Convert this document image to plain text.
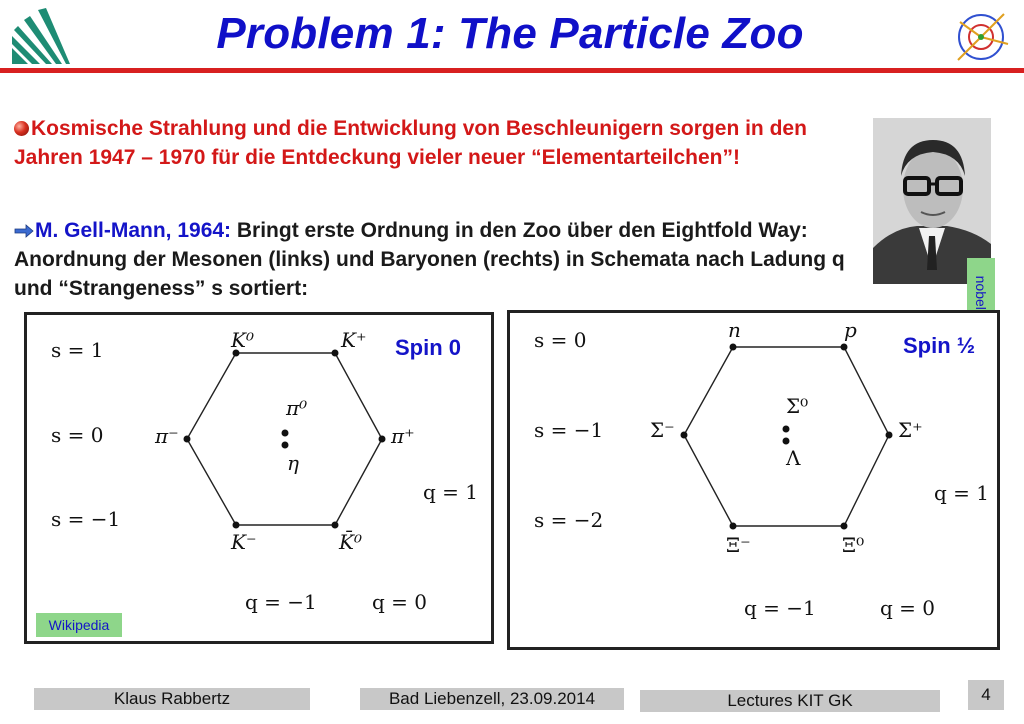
Problem 1: The Particle Zoo
Kosmische Strahlung und die Entwicklung von Beschleunigern sorgen in den Jahren 1947 – 1970 für die Entdeckung vieler neuer “Elementarteilchen”!
M. Gell-Mann, 1964: Bringt erste Ordnung in den Zoo über den Eightfold Way: Anordnung der Mesonen (links) und Baryonen (rechts) in Schemata nach Ladung q und “Strangeness” s sortiert:
s = 1
s = 0
s = −1
K⁰	K⁺
π⁻	π⁺
π⁰
η
K⁻	K̄⁰
q = 1
q = −1	q = 0
Spin 0	s = 0
s = −1
s = −2
n	p
Σ⁻	Σ⁺
Σ⁰
Λ
Ξ⁻	Ξ⁰
q = 1
q = −1	q = 0
Spin ½
Wikipedia
Klaus Rabbertz	Bad Liebenzell, 23.09.2014	Lectures KIT GK	4
